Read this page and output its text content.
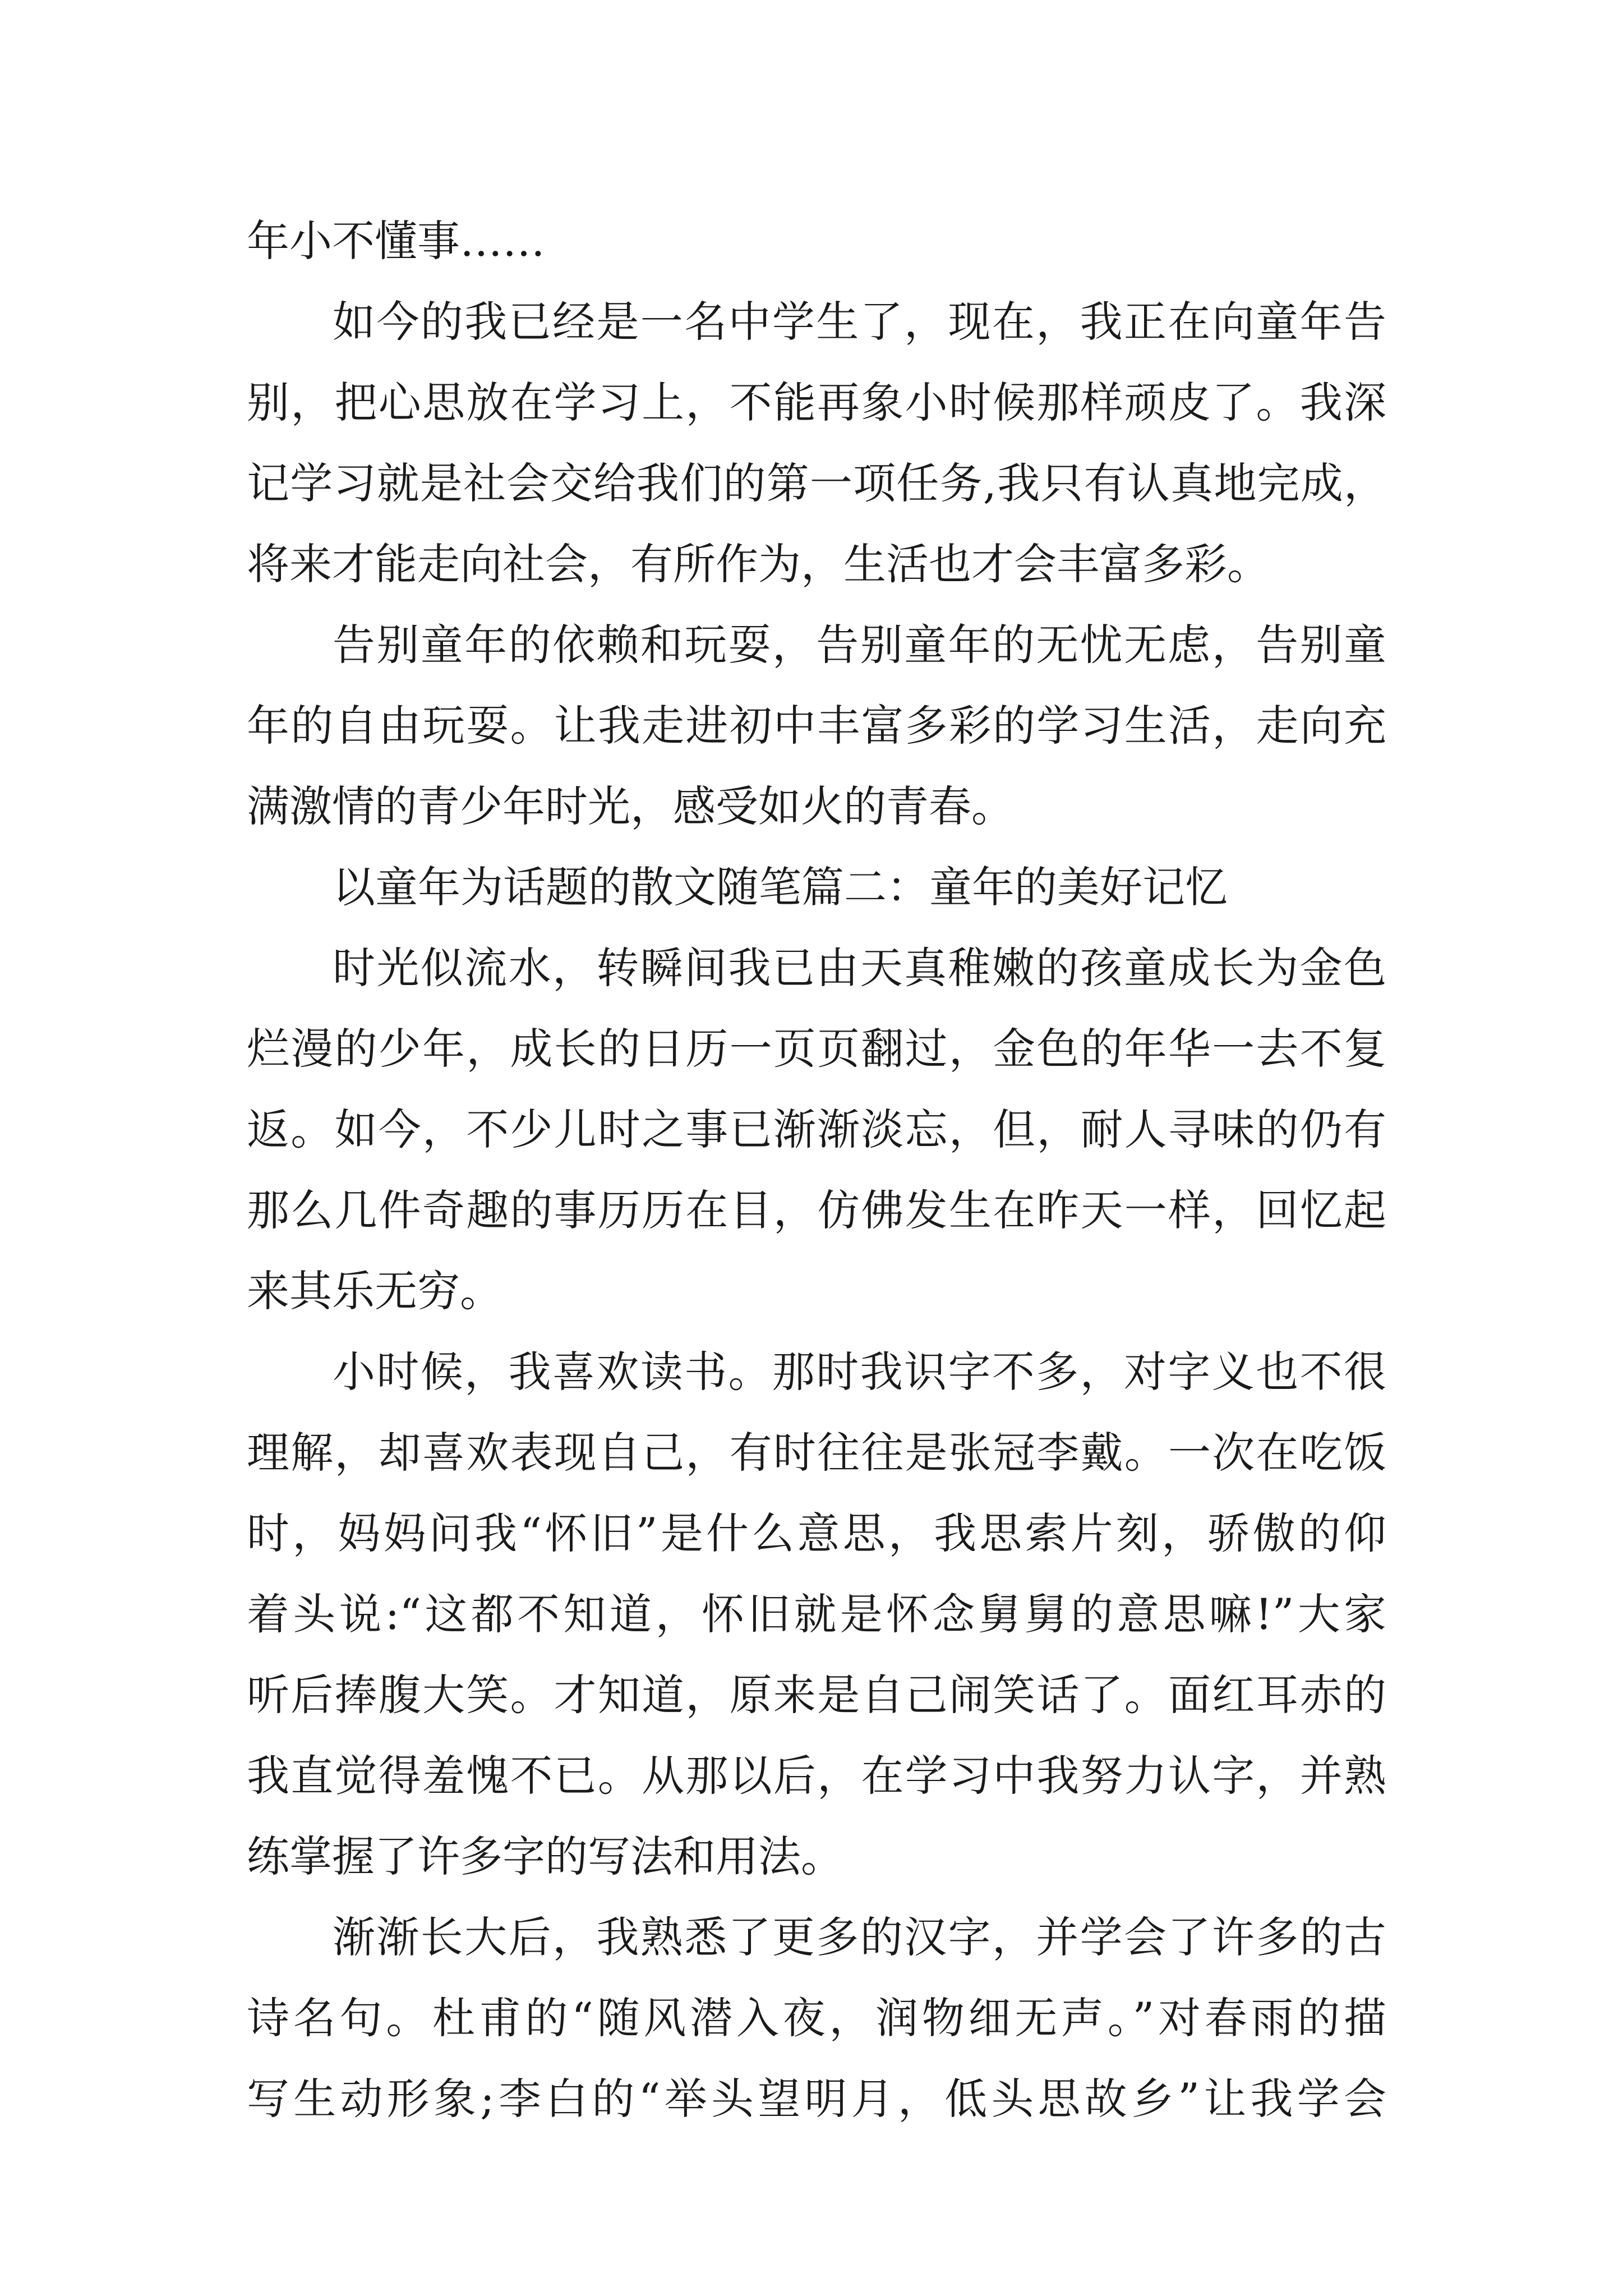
年小不懂事……
如今的我已经是一名中学生了，现在，我正在向童年告
别，把心思放在学习上，不能再象小时候那样顽皮了。我深
记学习就是社会交给我们的第一项任务,我只有认真地完成，
将来才能走向社会，有所作为，生活也才会丰富多彩。
告别童年的依赖和玩耍，告别童年的无忧无虑，告别童
年的自由玩耍。让我走进初中丰富多彩的学习生活，走向充
满激情的青少年时光，感受如火的青春。
以童年为话题的散文随笔篇二：童年的美好记忆
时光似流水，转瞬间我已由天真稚嫩的孩童成长为金色
烂漫的少年，成长的日历一页页翻过，金色的年华一去不复
返。如今，不少儿时之事已渐渐淡忘，但，耐人寻味的仍有
那么几件奇趣的事历历在目，仿佛发生在昨天一样，回忆起
来其乐无穷。
小时候，我喜欢读书。那时我识字不多，对字义也不很
理解，却喜欢表现自己，有时往往是张冠李戴。一次在吃饭
时，妈妈问我“怀旧”是什么意思，我思索片刻，骄傲的仰
着头说:“这都不知道，怀旧就是怀念舅舅的意思嘛!”大家
听后捧腹大笑。才知道，原来是自己闹笑话了。面红耳赤的
我直觉得羞愧不已。从那以后，在学习中我努力认字，并熟
练掌握了许多字的写法和用法。
渐渐长大后，我熟悉了更多的汉字，并学会了许多的古
诗名句。杜甫的“随风潜入夜，润物细无声。”对春雨的描
写生动形象;李白的“举头望明月，低头思故乡”让我学会
